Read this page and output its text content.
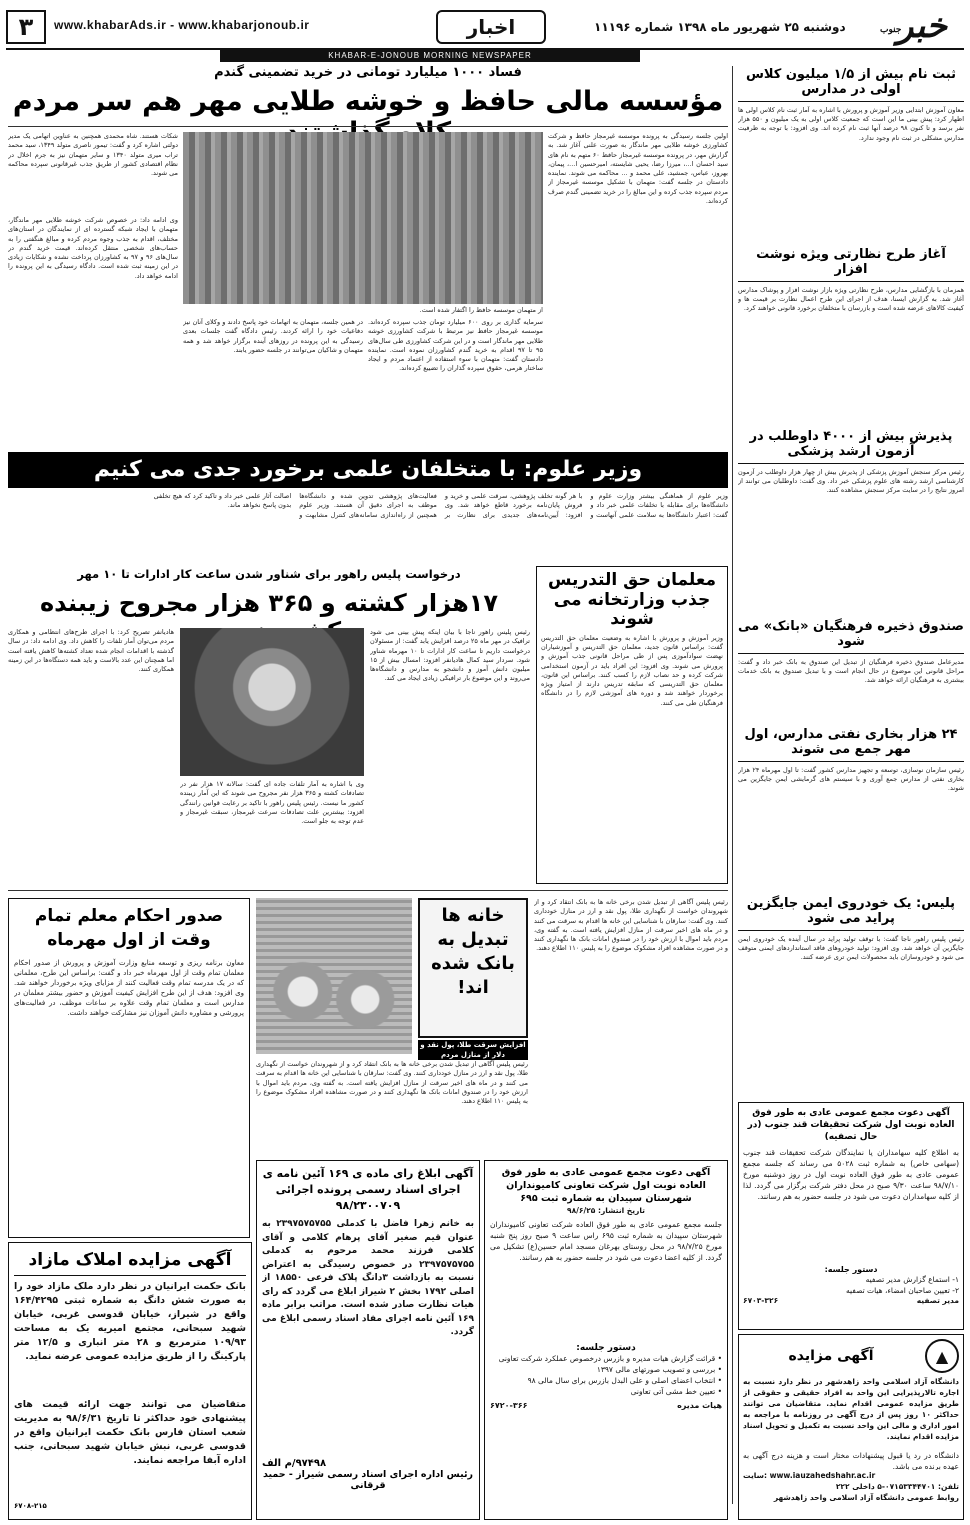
۳	www.khabarAds.ir - www.khabarjonoub.ir	اخبار	دوشنبه ۲۵ شهریور ماه ۱۳۹۸ شماره ۱۱۱۹۶	جنوب
خبر
KHABAR-E-JONOUB MORNING NEWSPAPER
ثبت نام بیش از ۱/۵ میلیون کلاس اولی در مدارس
معاون آموزش ابتدایی وزیر آموزش و پرورش با اشاره به آمار ثبت نام کلاس اولی ها اظهار کرد: پیش بینی ما این است که جمعیت کلاس اولی به یک میلیون و ۵۵۰ هزار نفر برسد و تا کنون ۹۸ درصد آنها ثبت نام کرده اند. وی افزود: با توجه به ظرفیت مدارس مشکلی در ثبت نام وجود ندارد.
آغاز طرح نظارتی ویژه نوشت افزار
همزمان با بازگشایی مدارس، طرح نظارتی ویژه بازار نوشت افزار و پوشاک مدارس آغاز شد. به گزارش ایسنا، هدف از اجرای این طرح اعمال نظارت بر قیمت ها و کیفیت کالاهای عرضه شده است و بازرسان با متخلفان برخورد قانونی خواهند کرد.
پذیرش بیش از ۴۰۰۰ داوطلب در آزمون ارشد پزشکی
رئیس مرکز سنجش آموزش پزشکی از پذیرش بیش از چهار هزار داوطلب در آزمون کارشناسی ارشد رشته های علوم پزشکی خبر داد. وی گفت: داوطلبان می توانند از امروز نتایج را در سایت مرکز سنجش مشاهده کنند.
صندوق ذخیره فرهنگیان «بانک» می شود
مدیرعامل صندوق ذخیره فرهنگیان از تبدیل این صندوق به بانک خبر داد و گفت: مراحل قانونی این موضوع در حال انجام است و با تبدیل صندوق به بانک خدمات بیشتری به فرهنگیان ارائه خواهد شد.
۲۴ هزار بخاری نفتی مدارس، اول مهر جمع می شوند
رئیس سازمان نوسازی، توسعه و تجهیز مدارس کشور گفت: تا اول مهرماه ۲۴ هزار بخاری نفتی از مدارس جمع آوری و با سیستم های گرمایشی ایمن جایگزین می شوند.
پلیس: یک خودروی ایمن جایگزین پراید می شود
رئیس پلیس راهور ناجا گفت: با توقف تولید پراید در سال آینده یک خودروی ایمن جایگزین آن خواهد شد. وی افزود: تولید خودروهای فاقد استانداردهای ایمنی متوقف می شود و خودروسازان باید محصولات ایمن تری عرضه کنند.
آگهی دعوت مجمع عمومی عادی به طور فوق العاده نوبت اول شرکت تحقیقات قند جنوب (در حال تصفیه)
به اطلاع کلیه سهامداران یا نمایندگان شرکت تحقیقات قند جنوب (سهامی خاص) به شماره ثبت ۵۰۲۸ می رساند که جلسه مجمع عمومی عادی به طور فوق العاده نوبت اول در روز دوشنبه مورخ ۹۸/۷/۱۰ ساعت ۹/۳۰ صبح در محل دفتر شرکت برگزار می گردد. لذا از کلیه سهامداران دعوت می شود در جلسه حضور به هم رسانند.
دستور جلسه:
۱- استماع گزارش مدیر تصفیه
۲- تعیین صاحبان امضاء، هیات تصفیه
مدیر تصفیه
۶۷۰۳-۳۲۶
▲
آگهی مزایده
دانشگاه آزاد اسلامی واحد زاهدشهر در نظر دارد نسبت به اجاره تالارپذیرایی این واحد به افراد حقیقی و حقوقی از طریق مزایده عمومی اقدام نماید. متقاضیان می توانند حداکثر ۱۰ روز پس از درج آگهی در روزنامه با مراجعه به امور اداری و مالی این واحد نسبت به تکمیل و تحویل اسناد مزایده اقدام نمایند.
دانشگاه در رد یا قبول پیشنهادات مختار است و هزینه درج آگهی به عهده برنده می باشد.
سایت: www.iauzahedshahr.ac.ir
تلفن: ۰۷۱۵۳۳۴۴۷۰۱-۵ داخلی ۲۲۲
روابط عمومی دانشگاه آزاد اسلامی واحد زاهدشهر
فساد ۱۰۰۰ میلیارد تومانی در خرید تضمینی گندم
مؤسسه مالی حافظ و خوشه طلایی مهر هم سر مردم
اولین جلسه رسیدگی به پرونده موسسه غیرمجاز حافظ و شرکت کشاورزی خوشه طلایی مهر ماندگار به صورت علنی آغاز شد. به گزارش مهر، در پرونده موسسه غیرمجاز حافظ ۶۰ متهم به نام های سید احسان ا...، میرزا رضا، یحیی شایسته، امیرحسین ا...، پیمان، بهروز، عباس، جمشید، علی محمد و ... محاکمه می شوند. نماینده دادستان در جلسه گفت: متهمان با تشکیل موسسه غیرمجاز از مردم سپرده جذب کرده و این مبالغ را در خرید تضمینی گندم صرف کرده‌اند.
از متهمان موسسه حافظ را اگتفار شده است.
سرمایه گذاری بر روی ۶۰۰ میلیارد تومان جذب سپرده کرده‌اند. موسسه غیرمجاز حافظ نیز مرتبط با شرکت کشاورزی خوشه طلایی مهر ماندگار است و در این شرکت کشاورزی طی سال‌های ۹۵ تا ۹۷ اقدام به خرید گندم کشاورزان نموده است. نماینده دادستان گفت: متهمان با سوء استفاده از اعتماد مردم و ایجاد ساختار هرمی، حقوق سپرده گذاران را تضییع کرده‌اند.
در همین جلسه، متهمان به اتهامات خود پاسخ دادند و وکلای آنان نیز دفاعیات خود را ارائه کردند. رئیس دادگاه گفت جلسات بعدی رسیدگی به این پرونده در روزهای آینده برگزار خواهد شد و همه متهمان و شاکیان می‌توانند در جلسه حضور یابند.
شکات هستند. شاه محمدی همچنین به عناوین اتهامی یک مدیر دولتی اشاره کرد و گفت: تیمور ناصری متولد ۱۳۴۹، سید محمد تراب میری متولد ۱۳۴۰ و سایر متهمان نیز به جرم اخلال در نظام اقتصادی کشور از طریق جذب غیرقانونی سپرده محاکمه می شوند.
وی ادامه داد: در خصوص شرکت خوشه طلایی مهر ماندگار، متهمان با ایجاد شبکه گسترده ای از نمایندگان در استان‌های مختلف، اقدام به جذب وجوه مردم کرده و مبالغ هنگفتی را به حساب‌های شخصی منتقل کرده‌اند. قیمت خرید گندم در سال‌های ۹۶ و ۹۷ به کشاورزان پرداخت نشده و شکایات زیادی در این زمینه ثبت شده است. دادگاه رسیدگی به این پرونده را ادامه خواهد داد.
وزیر علوم: با متخلفان علمی برخورد جدی می کنیم
وزیر علوم از هماهنگی بیشتر وزارت علوم و دانشگاه‌ها برای مقابله با تخلفات علمی خبر داد و گفت: اعتبار دانشگاه‌ها به سلامت علمی آنهاست و با هر گونه تخلف پژوهشی، سرقت علمی و خرید و فروش پایان‌نامه برخورد قاطع خواهد شد. وی افزود: آیین‌نامه‌های جدیدی برای نظارت بر فعالیت‌های پژوهشی تدوین شده و دانشگاه‌ها موظف به اجرای دقیق آن هستند. وزیر علوم همچنین از راه‌اندازی سامانه‌های کنترل مشابهت و اصالت آثار علمی خبر داد و تاکید کرد که هیچ تخلفی بدون پاسخ نخواهد ماند.
معلمان حق التدریس
جذب وزارتخانه می شوند
وزیر آموزش و پرورش با اشاره به وضعیت معلمان حق التدریس گفت: براساس قانون جدید، معلمان حق التدریس و آموزشیاران نهضت سوادآموزی پس از طی مراحل قانونی جذب آموزش و پرورش می شوند. وی افزود: این افراد باید در آزمون استخدامی شرکت کرده و حد نصاب لازم را کسب کنند. براساس این قانون، معلمان حق التدریسی که سابقه تدریس دارند از امتیاز ویژه برخوردار خواهند شد و دوره های آموزشی لازم را در دانشگاه فرهنگیان طی می کنند.
درخواست پلیس راهور برای شناور شدن ساعت کار ادارات تا ۱۰ مهر
۱۷هزار کشته و ۳۶۵ هزار مجروح زیبنده
رئیس پلیس راهور ناجا با بیان اینکه پیش بینی می شود ترافیک در مهر ماه ۲۵ درصد افزایش یابد گفت: از مسئولان درخواست داریم تا ساعت کار ادارات تا ۱۰ مهرماه شناور شود. سردار سید کمال هادیانفر افزود: امسال بیش از ۱۵ میلیون دانش آموز و دانشجو به مدارس و دانشگاه‌ها می‌روند و این موضوع بار ترافیکی زیادی ایجاد می کند.
وی با اشاره به آمار تلفات جاده ای گفت: سالانه ۱۷ هزار نفر در تصادفات کشته و ۳۶۵ هزار نفر مجروح می شوند که این آمار زیبنده کشور ما نیست. رئیس پلیس راهور با تاکید بر رعایت قوانین رانندگی افزود: بیشترین علت تصادفات سرعت غیرمجاز، سبقت غیرمجاز و عدم توجه به جلو است.
هادیانفر تصریح کرد: با اجرای طرح‌های انتظامی و همکاری مردم می‌توان آمار تلفات را کاهش داد. وی ادامه داد: در سال گذشته با اقدامات انجام شده تعداد کشته‌ها کاهش یافته است اما همچنان این عدد بالاست و باید همه دستگاه‌ها در این زمینه همکاری کنند.
خانه ها تبدیل به بانک شده اند!
افزایش سرقت طلا، پول نقد و دلار از منازل مردم
رئیس پلیس آگاهی از تبدیل شدن برخی خانه ها به بانک انتقاد کرد و از شهروندان خواست از نگهداری طلا، پول نقد و ارز در منازل خودداری کنند. وی گفت: سارقان با شناسایی این خانه ها اقدام به سرقت می کنند و در ماه های اخیر سرقت از منازل افزایش یافته است. به گفته وی، مردم باید اموال با ارزش خود را در صندوق امانات بانک ها نگهداری کنند و در صورت مشاهده افراد مشکوک موضوع را به پلیس ۱۱۰ اطلاع دهند.
رئیس پلیس آگاهی از تبدیل شدن برخی خانه ها به بانک انتقاد کرد و از شهروندان خواست از نگهداری طلا، پول نقد و ارز در منازل خودداری کنند. وی گفت: سارقان با شناسایی این خانه ها اقدام به سرقت می کنند و در ماه های اخیر سرقت از منازل افزایش یافته است. به گفته وی، مردم باید اموال با ارزش خود را در صندوق امانات بانک ها نگهداری کنند و در صورت مشاهده افراد مشکوک موضوع را به پلیس ۱۱۰ اطلاع دهند.
صدور احکام معلم تمام وقت از اول مهرماه
معاون برنامه ریزی و توسعه منابع وزارت آموزش و پرورش از صدور احکام معلمان تمام وقت از اول مهرماه خبر داد و گفت: براساس این طرح، معلمانی که در یک مدرسه تمام وقت فعالیت کنند از مزایای ویژه برخوردار خواهند شد. وی افزود: هدف از این طرح افزایش کیفیت آموزش و حضور بیشتر معلمان در مدارس است و معلمان تمام وقت علاوه بر ساعات موظف، در فعالیت‌های پرورشی و مشاوره دانش آموزان نیز مشارکت خواهند داشت.
آگهی دعوت مجمع عمومی عادی به طور فوق العاده نوبت اول شرکت تعاونی کامیونداران شهرستان سپیدان به شماره ثبت ۶۹۵
تاریخ انتشار: ۹۸/۶/۲۵
جلسه مجمع عمومی عادی به طور فوق العاده شرکت تعاونی کامیونداران شهرستان سپیدان به شماره ثبت ۶۹۵ راس ساعت ۹ صبح روز پنج شنبه مورخ ۹۸/۷/۲۵ در محل روستای بهرغان مسجد امام حسین(ع) تشکیل می گردد. از کلیه اعضا دعوت می شود در جلسه حضور به هم رسانند.
دستور جلسه:
• قرائت گزارش هیات مدیره و بازرس درخصوص عملکرد شرکت تعاونی
• بررسی و تصویب صورتهای مالی ۱۳۹۷
• انتخاب اعضای اصلی و علی البدل بازرس برای سال مالی ۹۸
• تعیین خط مشی آتی تعاونی
هیات مدیره
۶۷۲۰-۳۶۶
آگهی ابلاغ رای ماده ی ۱۶۹ آئین نامه ی اجرای اسناد رسمی پرونده اجرائی ۹۸/۲۳۰۰۷۰۹
به خانم زهرا فاضل با کدملی ۲۳۹۷۵۷۵۷۵۵ به عنوان قیم صغیر آقای پرهام کلامی و آقای کلامی فرزند محمد مرحوم به کدملی ۲۳۹۷۵۷۵۷۵۵ در خصوص رسیدگی به اعتراض نسبت به بازداشت ۳دانگ پلاک فرعی ۱۸۵۵۰ از اصلی ۱۷۹۲ بخش ۲ شیراز ابلاغ می گردد که رای هیات نظارت صادر شده است. مراتب برابر ماده ۱۶۹ آئین نامه اجرای مفاد اسناد رسمی ابلاغ می گردد.
۹۷۴۹۸/م الف
رئیس اداره اجرای اسناد رسمی شیراز - حمید قرقانی
آگهی مزایده املاک مازاد
بانک حکمت ایرانیان در نظر دارد ملک مازاد خود را به صورت شش دانگ به شماره ثبتی ۱۶۴/۴۲۹۵ واقع در شیراز، خیابان قدوسی غربی، خیابان شهید سبحانی، مجتمع امیریه یک به مساحت ۱۰۹/۹۳ مترمربع و ۲۸ متر انباری و ۱۲/۵ متر پارکینگ را از طریق مزایده عمومی عرضه نماید.
متقاضیان می توانند جهت ارائه قیمت های پیشنهادی خود حداکثر تا تاریخ ۹۸/۶/۳۱ به مدیریت شعب استان فارس بانک حکمت ایرانیان واقع در قدوسی غربی، نبش خیابان شهید سبحانی، جنب اداره آبفا مراجعه نمایند.
۶۷۰۸-۲۱۵
